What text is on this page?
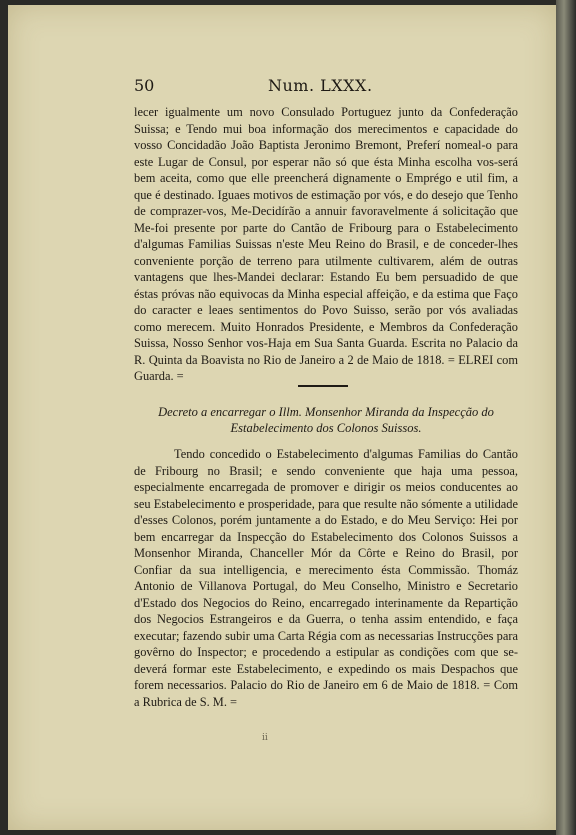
50	Num. LXXX.

lecer igualmente um novo Consulado Portuguez junto da Confederação Suissa; e Tendo mui boa informação dos merecimentos e capacidade do vosso Concidadão João Baptista Jeronimo Bremont, Preferí nomeal-o para este Lugar de Consul, por esperar não só que ésta Minha escolha vos-será bem aceita, como que elle preencherá dignamente o Emprégo e util fim, a que é destinado. Iguaes motivos de estimação por vós, e do desejo que Tenho de comprazer-vos, Me-Decidírão a annuir favoravelmente á solicitação que Me-foi presente por parte do Cantão de Fribourg para o Estabelecimento d'algumas Familias Suissas n'este Meu Reino do Brasil, e de conceder-lhes conveniente porção de terreno para utilmente cultivarem, além de outras vantagens que lhes-Mandei declarar: Estando Eu bem persuadido de que éstas próvas não equivocas da Minha especial affeição, e da estima que Faço do caracter e leaes sentimentos do Povo Suisso, serão por vós avaliadas como merecem. Muito Honrados Presidente, e Membros da Confederação Suissa, Nosso Senhor vos-Haja em Sua Santa Guarda. Escrita no Palacio da R. Quinta da Boavista no Rio de Janeiro a 2 de Maio de 1818. = ELREI com Guarda. =

Decreto a encarregar o Illm. Monsenhor Miranda da Inspecção do Estabelecimento dos Colonos Suissos.

Tendo concedido o Estabelecimento d'algumas Familias do Cantão de Fribourg no Brasil; e sendo conveniente que haja uma pessoa, especialmente encarregada de promover e dirigir os meios conducentes ao seu Estabelecimento e prosperidade, para que resulte não sómente a utilidade d'esses Colonos, porém juntamente a do Estado, e do Meu Serviço: Hei por bem encarregar da Inspecção do Estabelecimento dos Colonos Suissos a Monsenhor Miranda, Chanceller Mór da Côrte e Reino do Brasil, por Confiar da sua intelligencia, e merecimento ésta Commissão. Thomáz Antonio de Villanova Portugal, do Meu Conselho, Ministro e Secretario d'Estado dos Negocios do Reino, encarregado interinamente da Repartição dos Negocios Estrangeiros e da Guerra, o tenha assim entendido, e faça executar; fazendo subir uma Carta Régia com as necessarias Instrucções para govêrno do Inspector; e procedendo a estipular as condições com que se-deverá formar este Estabelecimento, e expedindo os mais Despachos que forem necessarios. Palacio do Rio de Janeiro em 6 de Maio de 1818. = Com a Rubrica de S. M. =

ii
